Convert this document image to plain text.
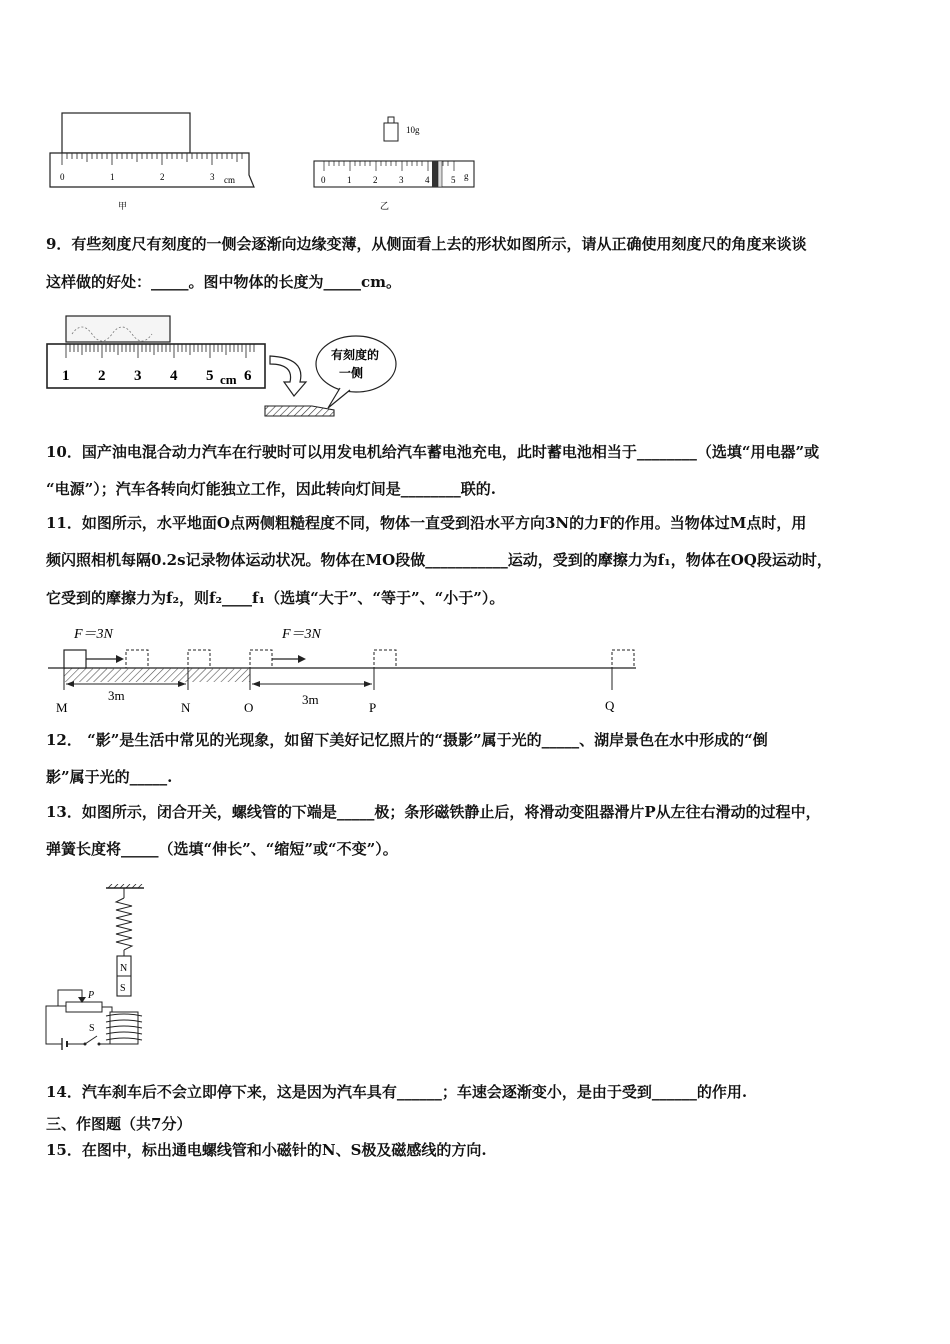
0	1	2	3 cm
甲
10g
0 1 2 3 4 5 g
乙
9．有些刻度尺有刻度的一侧会逐渐向边缘变薄，从侧面看上去的形状如图所示，请从正确使用刻度尺的角度来谈谈
这样做的好处：_____。图中物体的长度为_____cm。
1 2 3 4 5 cm 6
有刻度的
一侧
10．国产油电混合动力汽车在行驶时可以用发电机给汽车蓄电池充电，此时蓄电池相当于________（选填“用电器”或
“电源”）；汽车各转向灯能独立工作，因此转向灯间是________联的.
11．如图所示，水平地面O点两侧粗糙程度不同，物体一直受到沿水平方向3N的力F的作用。当物体过M点时，用
频闪照相机每隔0.2s记录物体运动状况。物体在MO段做___________运动，受到的摩擦力为f₁，物体在OQ段运动时，
它受到的摩擦力为f₂，则f₂____f₁（选填“大于”、“等于”、“小于”）。
F＝3N	F＝3N
3m	3m
M	N	O	P	Q
12． “影”是生活中常见的光现象，如留下美好记忆照片的“摄影”属于光的_____、湖岸景色在水中形成的“倒
影”属于光的_____.
13．如图所示，闭合开关，螺线管的下端是_____极；条形磁铁静止后，将滑动变阻器滑片P从左往右滑动的过程中，
弹簧长度将_____（选填“伸长”、“缩短”或“不变”）。
N
S
P
S
14．汽车刹车后不会立即停下来，这是因为汽车具有______；车速会逐渐变小，是由于受到______的作用.
三、作图题（共7分）
15．在图中，标出通电螺线管和小磁针的N、S极及磁感线的方向.
